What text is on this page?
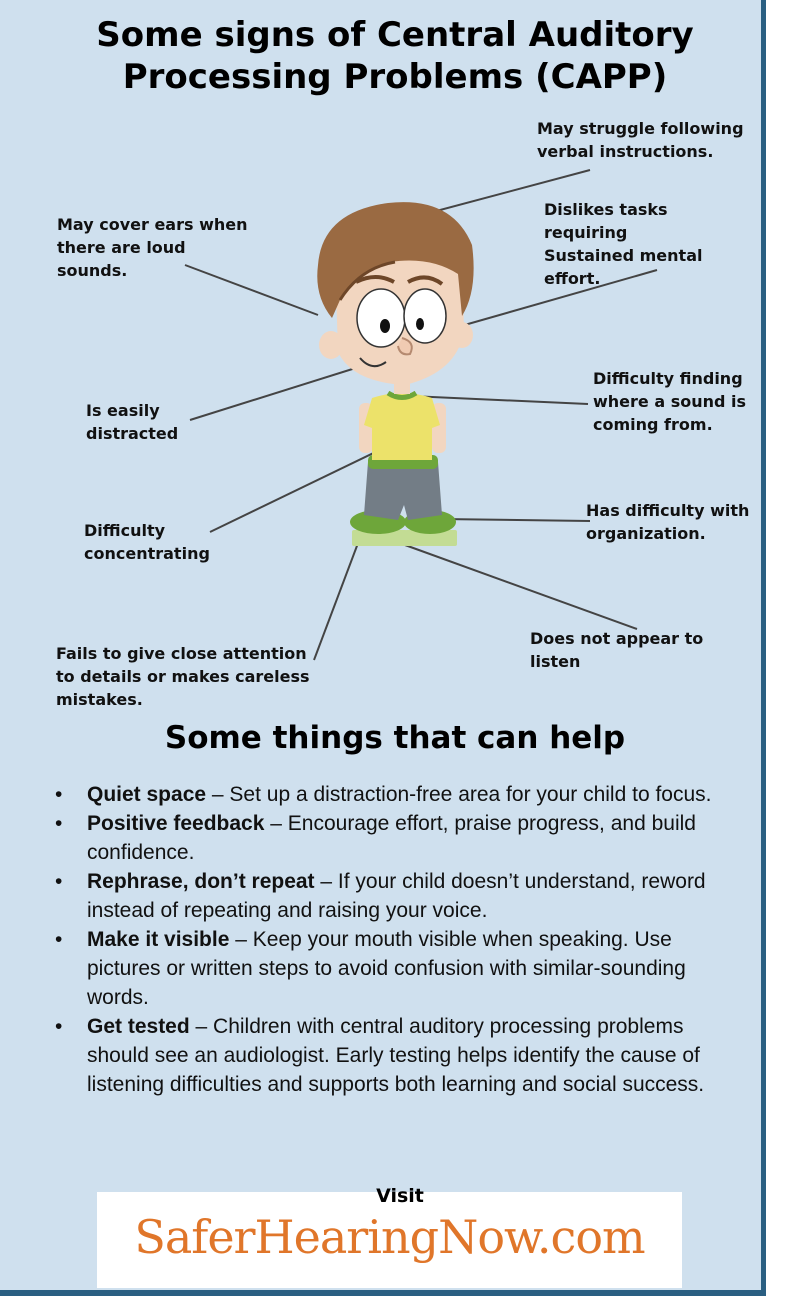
Some signs of Central Auditory
Processing Problems (CAPP)
May struggle following
verbal instructions.
May cover ears when
there are loud
sounds.
Dislikes tasks
requiring
Sustained mental
effort.
Is easily
distracted
Difficulty finding
where a sound is
coming from.
Difficulty
concentrating
Has difficulty with
organization.
Does not appear to
listen
Fails to give close attention
to details or makes careless
mistakes.
Some things that can help
• Quiet space – Set up a distraction-free area for your child to focus.
• Positive feedback – Encourage effort, praise progress, and build confidence.
• Rephrase, don’t repeat – If your child doesn’t understand, reword instead of repeating and raising your voice.
• Make it visible – Keep your mouth visible when speaking. Use pictures or written steps to avoid confusion with similar-sounding words.
• Get tested – Children with central auditory processing problems should see an audiologist. Early testing helps identify the cause of listening difficulties and supports both learning and social success.
Visit
SaferHearingNow.com
